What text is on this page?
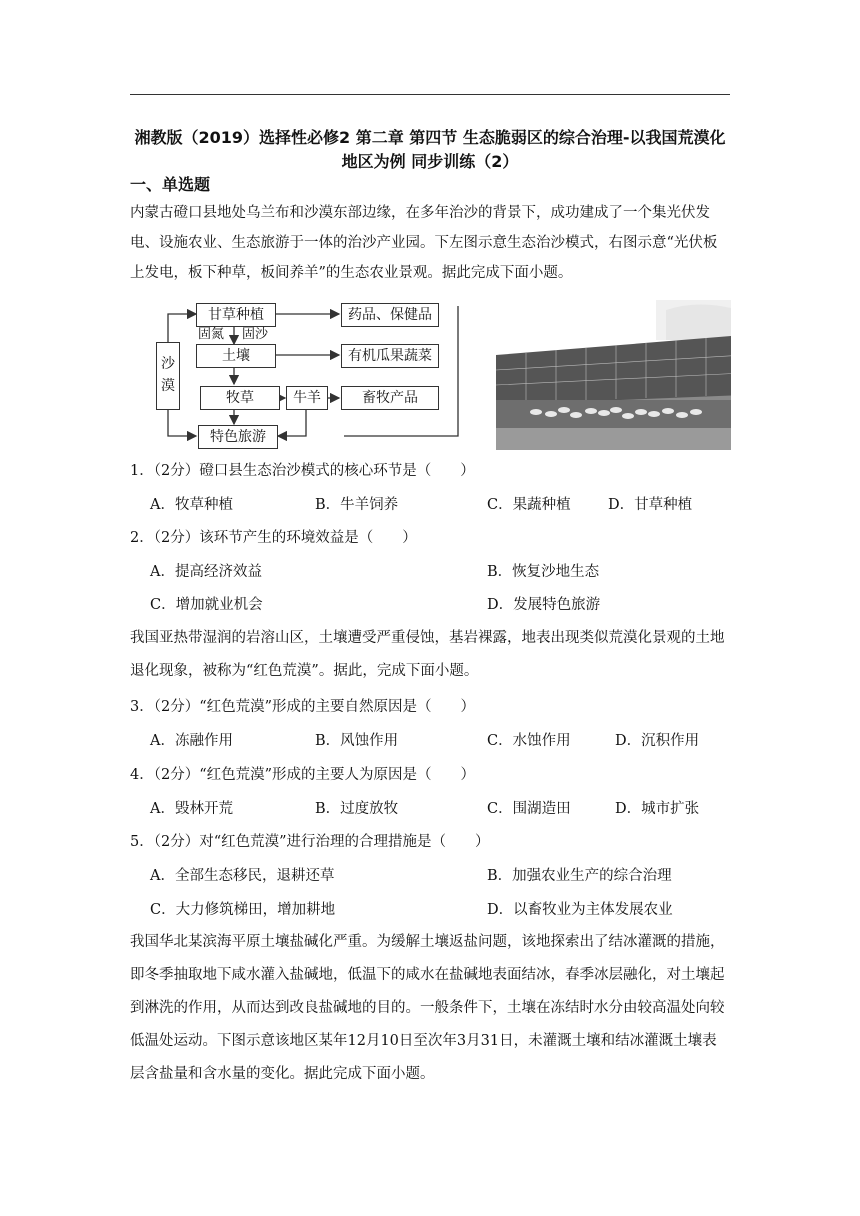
湘教版（2019）选择性必修2 第二章 第四节 生态脆弱区的综合治理-以我国荒漠化地区为例 同步训练（2）
一、单选题
内蒙古磴口县地处乌兰布和沙漠东部边缘，在多年治沙的背景下，成功建成了一个集光伏发电、设施农业、生态旅游于一体的治沙产业园。下左图示意生态治沙模式，右图示意“光伏板上发电，板下种草，板间养羊”的生态农业景观。据此完成下面小题。
沙漠
甘草种植
固氮 固沙
土壤
牧草	牛羊
特色旅游
药品、保健品
有机瓜果蔬菜
畜牧产品
1．（2分）磴口县生态治沙模式的核心环节是（　　）
A．牧草种植	B．牛羊饲养	C．果蔬种植	D．甘草种植
2．（2分）该环节产生的环境效益是（　　）
A．提高经济效益	B．恢复沙地生态
C．增加就业机会	D．发展特色旅游
我国亚热带湿润的岩溶山区，土壤遭受严重侵蚀，基岩裸露，地表出现类似荒漠化景观的土地退化现象，被称为“红色荒漠”。据此，完成下面小题。
3．（2分）“红色荒漠”形成的主要自然原因是（　　）
A．冻融作用	B．风蚀作用	C．水蚀作用	D．沉积作用
4．（2分）“红色荒漠”形成的主要人为原因是（　　）
A．毁林开荒	B．过度放牧	C．围湖造田	D．城市扩张
5．（2分）对“红色荒漠”进行治理的合理措施是（　　）
A．全部生态移民，退耕还草	B．加强农业生产的综合治理
C．大力修筑梯田，增加耕地	D．以畜牧业为主体发展农业
我国华北某滨海平原土壤盐碱化严重。为缓解土壤返盐问题，该地探索出了结冰灌溉的措施，即冬季抽取地下咸水灌入盐碱地，低温下的咸水在盐碱地表面结冰，春季冰层融化，对土壤起到淋洗的作用，从而达到改良盐碱地的目的。一般条件下，土壤在冻结时水分由较高温处向较低温处运动。下图示意该地区某年12月10日至次年3月31日，未灌溉土壤和结冰灌溉土壤表层含盐量和含水量的变化。据此完成下面小题。
